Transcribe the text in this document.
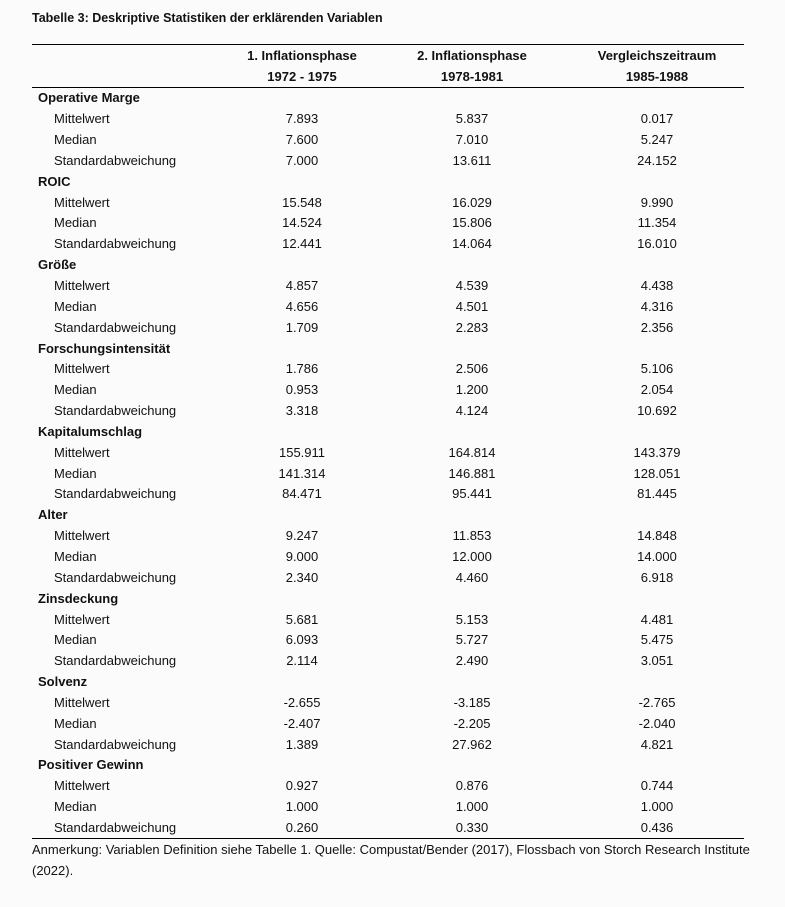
Tabelle 3: Deskriptive Statistiken der erklärenden Variablen
	1. Inflationsphase	2. Inflationsphase	Vergleichszeitraum
	1972 - 1975	1978-1981	1985-1988
Operative Marge			
Mittelwert	7.893	5.837	0.017
Median	7.600	7.010	5.247
Standardabweichung	7.000	13.611	24.152
ROIC			
Mittelwert	15.548	16.029	9.990
Median	14.524	15.806	11.354
Standardabweichung	12.441	14.064	16.010
Größe			
Mittelwert	4.857	4.539	4.438
Median	4.656	4.501	4.316
Standardabweichung	1.709	2.283	2.356
Forschungsintensität			
Mittelwert	1.786	2.506	5.106
Median	0.953	1.200	2.054
Standardabweichung	3.318	4.124	10.692
Kapitalumschlag			
Mittelwert	155.911	164.814	143.379
Median	141.314	146.881	128.051
Standardabweichung	84.471	95.441	81.445
Alter			
Mittelwert	9.247	11.853	14.848
Median	9.000	12.000	14.000
Standardabweichung	2.340	4.460	6.918
Zinsdeckung			
Mittelwert	5.681	5.153	4.481
Median	6.093	5.727	5.475
Standardabweichung	2.114	2.490	3.051
Solvenz			
Mittelwert	-2.655	-3.185	-2.765
Median	-2.407	-2.205	-2.040
Standardabweichung	1.389	27.962	4.821
Positiver Gewinn			
Mittelwert	0.927	0.876	0.744
Median	1.000	1.000	1.000
Standardabweichung	0.260	0.330	0.436
Anmerkung: Variablen Definition siehe Tabelle 1. Quelle: Compustat/Bender (2017), Flossbach von Storch Research Institute (2022).
